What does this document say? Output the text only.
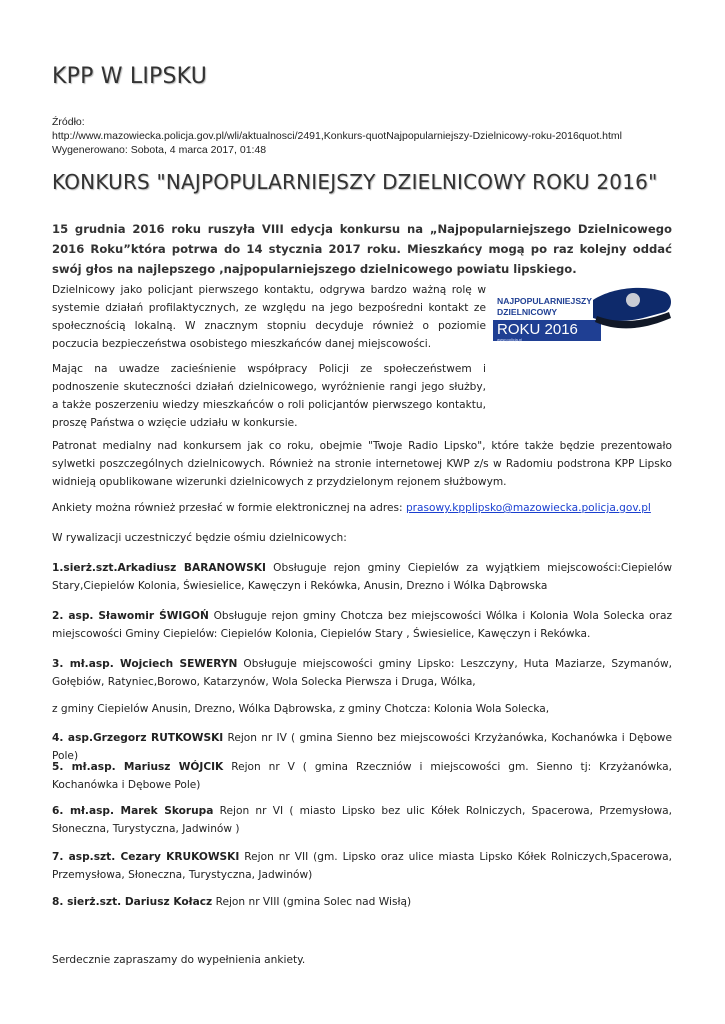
KPP W LIPSKU
Źródło:
http://www.mazowiecka.policja.gov.pl/wli/aktualnosci/2491,Konkurs-quotNajpopularniejszy-Dzielnicowy-roku-2016quot.html
Wygenerowano: Sobota, 4 marca 2017, 01:48
KONKURS "NAJPOPULARNIEJSZY DZIELNICOWY ROKU 2016"
15 grudnia 2016 roku ruszyła VIII edycja konkursu na „Najpopularniejszego Dzielnicowego 2016 Roku”która potrwa do 14 stycznia 2017 roku. Mieszkańcy mogą po raz kolejny oddać swój głos na najlepszego ,najpopularniejszego dzielnicowego powiatu lipskiego.
Dzielnicowy jako policjant pierwszego kontaktu, odgrywa bardzo ważną rolę w systemie działań profilaktycznych, ze względu na jego bezpośredni kontakt ze społecznością lokalną. W znacznym stopniu decyduje również o poziomie poczucia bezpieczeństwa osobistego mieszkańców danej miejscowości.
Mając na uwadze zacieśnienie współpracy Policji ze społeczeństwem i podnoszenie skuteczności działań dzielnicowego, wyróżnienie rangi jego służby, a także poszerzeniu wiedzy mieszkańców o roli policjantów pierwszego kontaktu, proszę Państwa o wzięcie udziału w konkursie.
Patronat medialny nad konkursem jak co roku, obejmie "Twoje Radio Lipsko", które także będzie prezentowało sylwetki poszczególnych dzielnicowych. Również na stronie internetowej KWP z/s w Radomiu podstrona KPP Lipsko widnieją opublikowane wizerunki dzielnicowych z przydzielonym rejonem służbowym.
Ankiety można również przesłać w formie elektronicznej na adres: prasowy.kpplipsko@mazowiecka.policja.gov.pl
W rywalizacji uczestniczyć będzie ośmiu dzielnicowych:
1.sierż.szt.Arkadiusz BARANOWSKI Obsługuje rejon gminy Ciepielów za wyjątkiem miejscowości:Ciepielów Stary,Ciepielów Kolonia, Świesielice, Kawęczyn i Rekówka, Anusin, Drezno i Wólka Dąbrowska
2. asp. Sławomir ŚWIGOŃ Obsługuje rejon gminy Chotcza bez miejscowości Wólka i Kolonia Wola Solecka oraz miejscowości Gminy Ciepielów: Ciepielów Kolonia, Ciepielów Stary , Świesielice, Kawęczyn i Rekówka.
3. mł.asp. Wojciech SEWERYN Obsługuje miejscowości gminy Lipsko: Leszczyny, Huta Maziarze, Szymanów, Gołębiów, Ratyniec,Borowo, Katarzynów, Wola Solecka Pierwsza i Druga, Wólka,
z gminy Ciepielów Anusin, Drezno, Wólka Dąbrowska, z gminy Chotcza: Kolonia Wola Solecka,
4. asp.Grzegorz RUTKOWSKI Rejon nr IV ( gmina Sienno bez miejscowości Krzyżanówka, Kochanówka i Dębowe Pole)
5. mł.asp. Mariusz WÓJCIK Rejon nr V ( gmina Rzeczniów i miejscowości gm. Sienno tj: Krzyżanówka, Kochanówka i Dębowe Pole)
6. mł.asp. Marek Skorupa Rejon nr VI ( miasto Lipsko bez ulic Kółek Rolniczych, Spacerowa, Przemysłowa, Słoneczna, Turystyczna, Jadwinów )
7. asp.szt. Cezary KRUKOWSKI Rejon nr VII (gm. Lipsko oraz ulice miasta Lipsko Kółek Rolniczych,Spacerowa, Przemysłowa, Słoneczna, Turystyczna, Jadwinów)
8. sierż.szt. Dariusz Kołacz Rejon nr VIII (gmina Solec nad Wisłą)
Serdecznie zapraszamy do wypełnienia ankiety.
NAJPOPULARNIEJSZY
DZIELNICOWY
ROKU 2016
www.policja.pl
